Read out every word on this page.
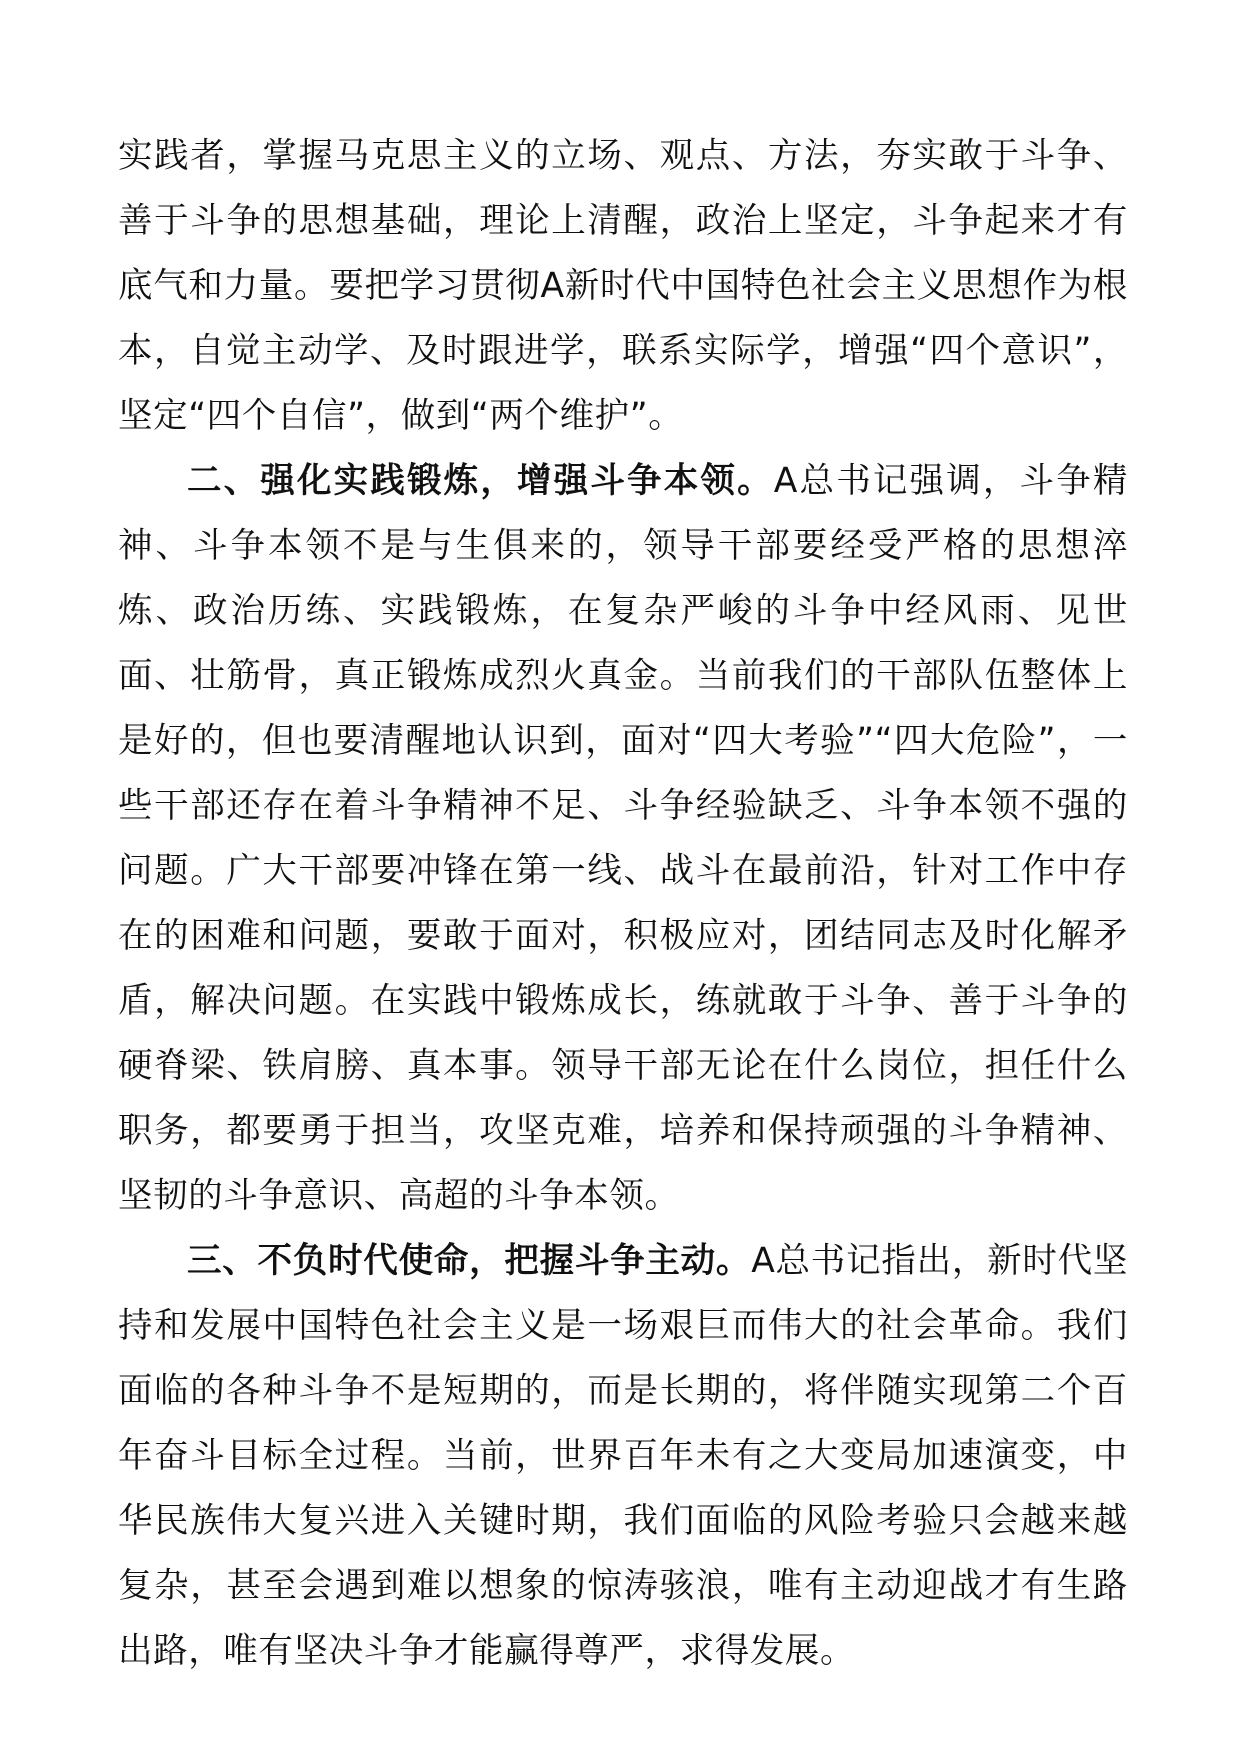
实践者，掌握马克思主义的立场、观点、方法，夯实敢于斗争、善于斗争的思想基础，理论上清醒，政治上坚定，斗争起来才有底气和力量。要把学习贯彻A新时代中国特色社会主义思想作为根本，自觉主动学、及时跟进学，联系实际学，增强“四个意识”，坚定“四个自信”，做到“两个维护”。

二、强化实践锻炼，增强斗争本领。A总书记强调，斗争精神、斗争本领不是与生俱来的，领导干部要经受严格的思想淬炼、政治历练、实践锻炼，在复杂严峻的斗争中经风雨、见世面、壮筋骨，真正锻炼成烈火真金。当前我们的干部队伍整体上是好的，但也要清醒地认识到，面对“四大考验”“四大危险”，一些干部还存在着斗争精神不足、斗争经验缺乏、斗争本领不强的问题。广大干部要冲锋在第一线、战斗在最前沿，针对工作中存在的困难和问题，要敢于面对，积极应对，团结同志及时化解矛盾，解决问题。在实践中锻炼成长，练就敢于斗争、善于斗争的硬脊梁、铁肩膀、真本事。领导干部无论在什么岗位，担任什么职务，都要勇于担当，攻坚克难，培养和保持顽强的斗争精神、坚韧的斗争意识、高超的斗争本领。

三、不负时代使命，把握斗争主动。A总书记指出，新时代坚持和发展中国特色社会主义是一场艰巨而伟大的社会革命。我们面临的各种斗争不是短期的，而是长期的，将伴随实现第二个百年奋斗目标全过程。当前，世界百年未有之大变局加速演变，中华民族伟大复兴进入关键时期，我们面临的风险考验只会越来越复杂，甚至会遇到难以想象的惊涛骇浪，唯有主动迎战才有生路出路，唯有坚决斗争才能赢得尊严，求得发展。
